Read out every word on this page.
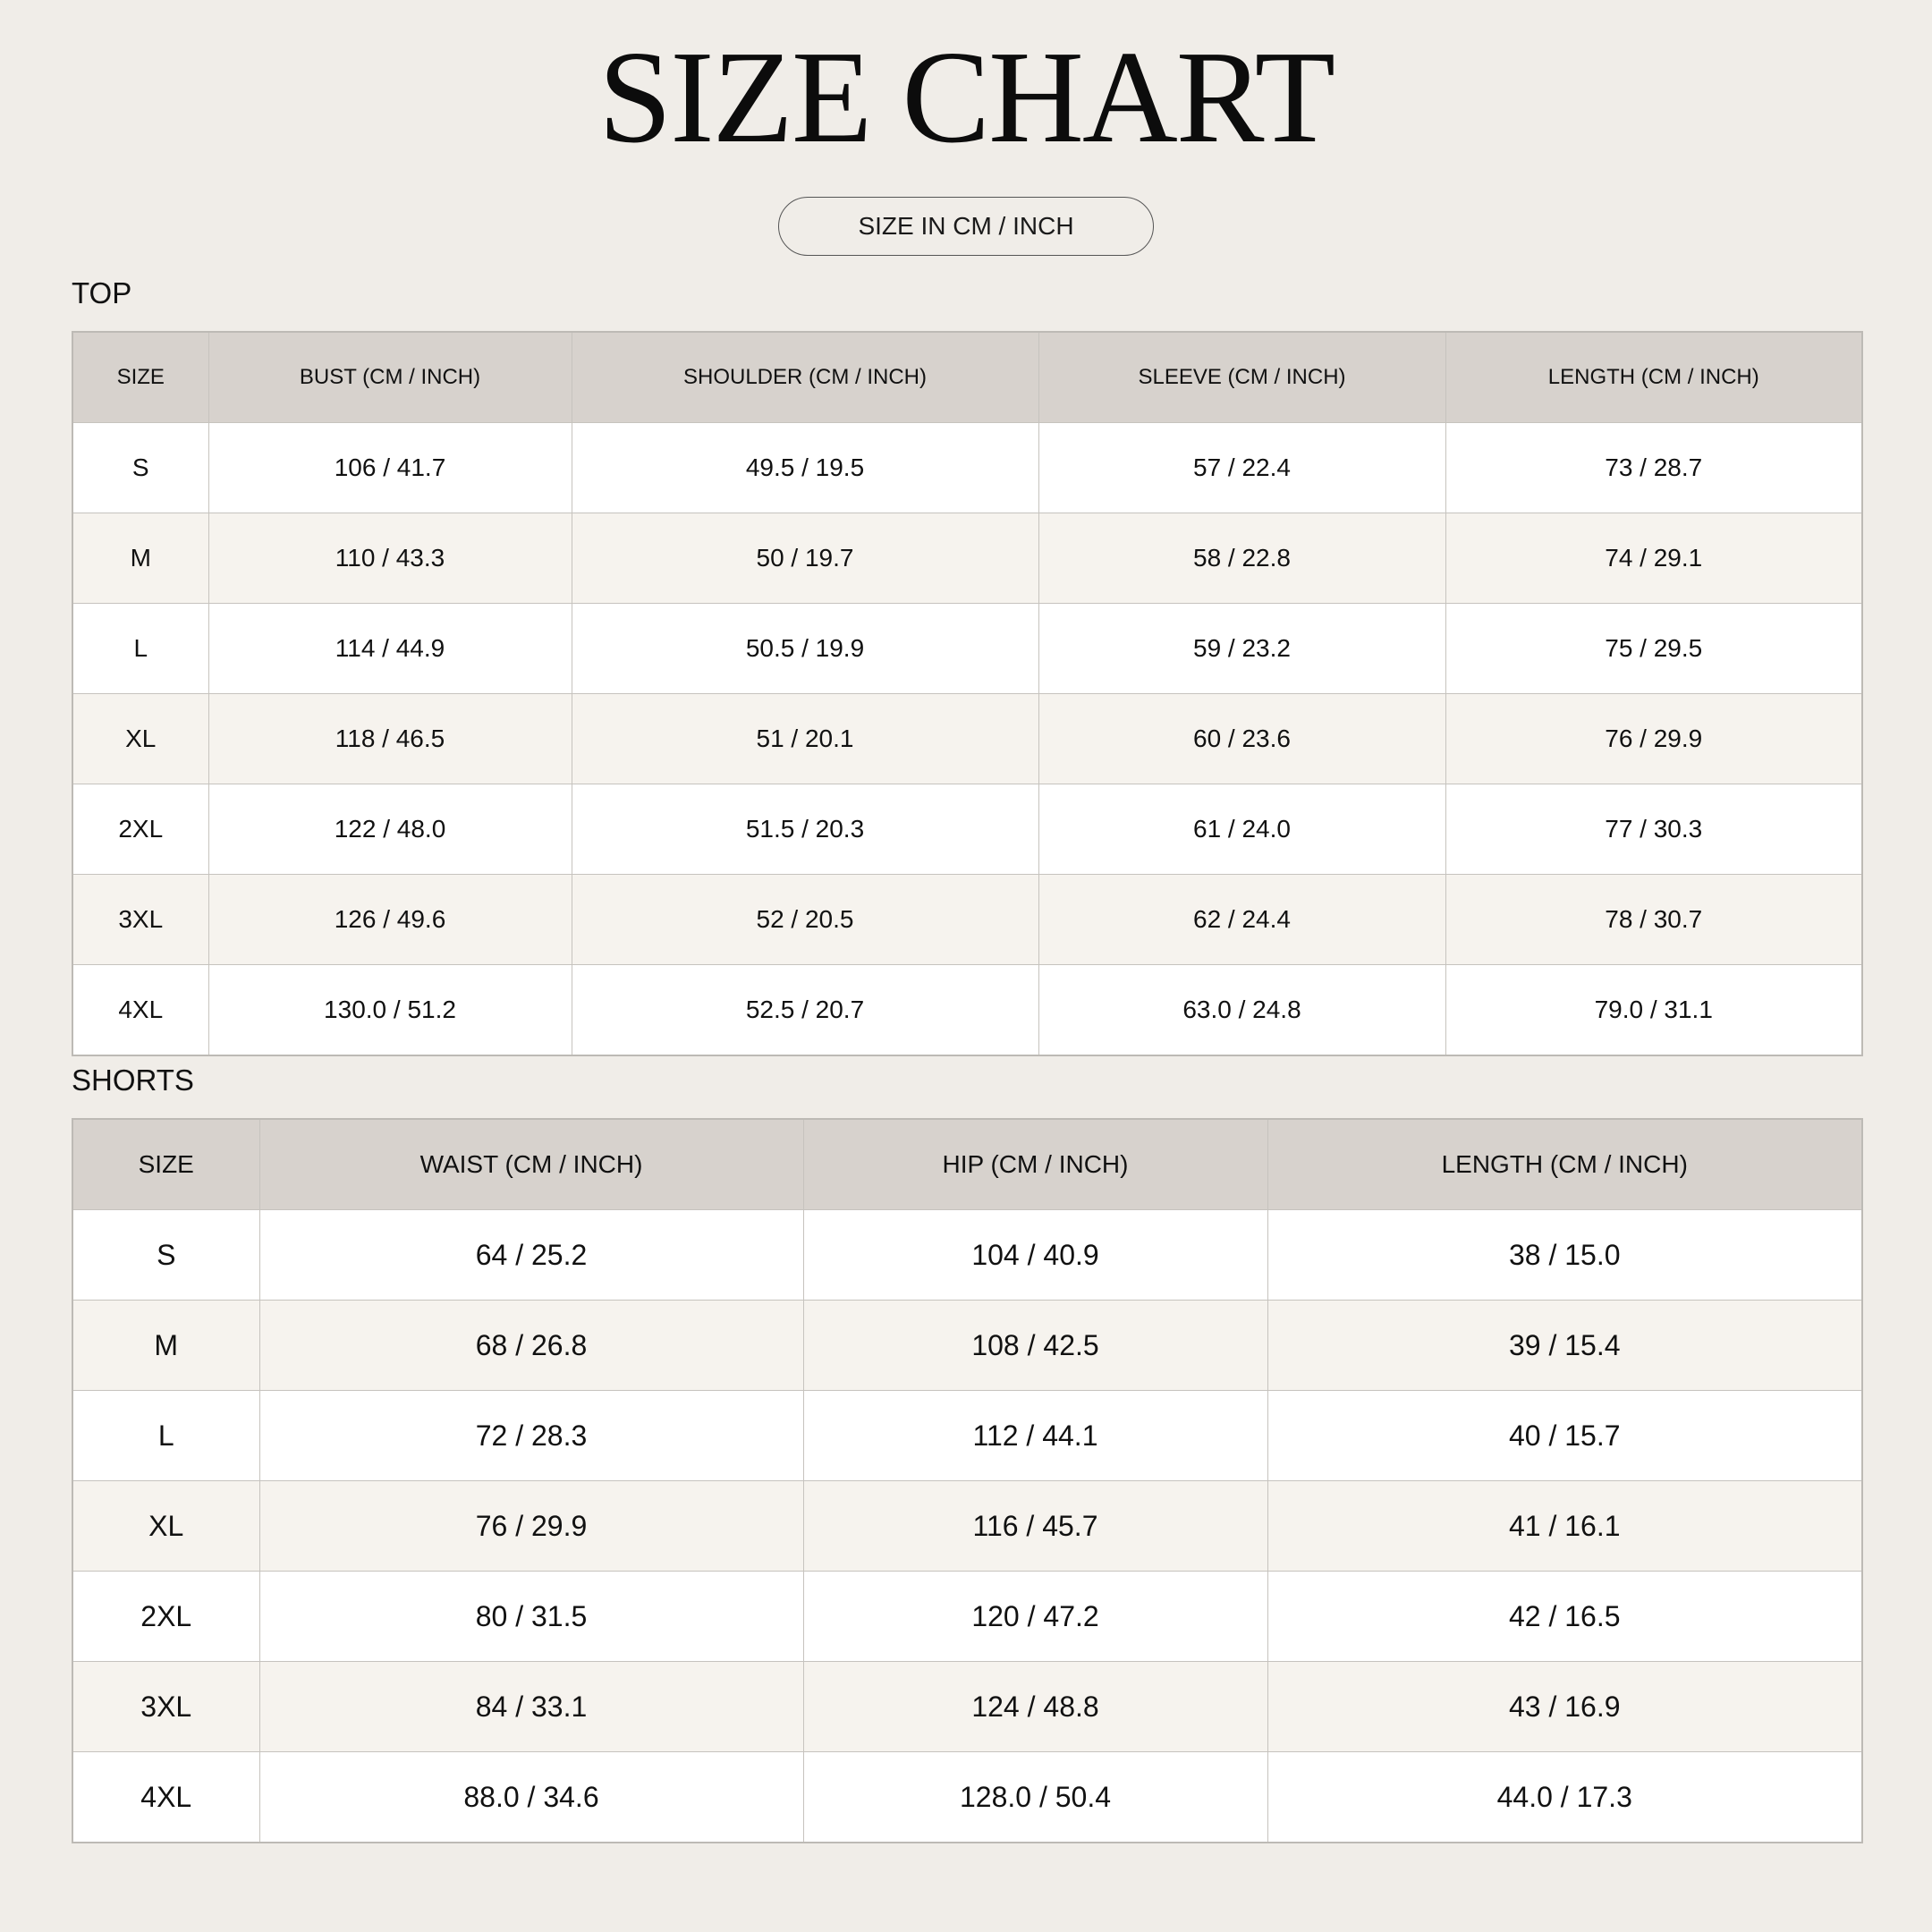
SIZE CHART
SIZE IN CM / INCH
TOP
SIZE	BUST (CM / INCH)	SHOULDER (CM / INCH)	SLEEVE (CM / INCH)	LENGTH (CM / INCH)
S	106 / 41.7	49.5 / 19.5	57 / 22.4	73 / 28.7
M	110 / 43.3	50 / 19.7	58 / 22.8	74 / 29.1
L	114 / 44.9	50.5 / 19.9	59 / 23.2	75 / 29.5
XL	118 / 46.5	51 / 20.1	60 / 23.6	76 / 29.9
2XL	122 / 48.0	51.5 / 20.3	61 / 24.0	77 / 30.3
3XL	126 / 49.6	52 / 20.5	62 / 24.4	78 / 30.7
4XL	130.0 / 51.2	52.5 / 20.7	63.0 / 24.8	79.0 / 31.1
SHORTS
SIZE	WAIST (CM / INCH)	HIP (CM / INCH)	LENGTH (CM / INCH)
S	64 / 25.2	104 / 40.9	38 / 15.0
M	68 / 26.8	108 / 42.5	39 / 15.4
L	72 / 28.3	112 / 44.1	40 / 15.7
XL	76 / 29.9	116 / 45.7	41 / 16.1
2XL	80 / 31.5	120 / 47.2	42 / 16.5
3XL	84 / 33.1	124 / 48.8	43 / 16.9
4XL	88.0 / 34.6	128.0 / 50.4	44.0 / 17.3
